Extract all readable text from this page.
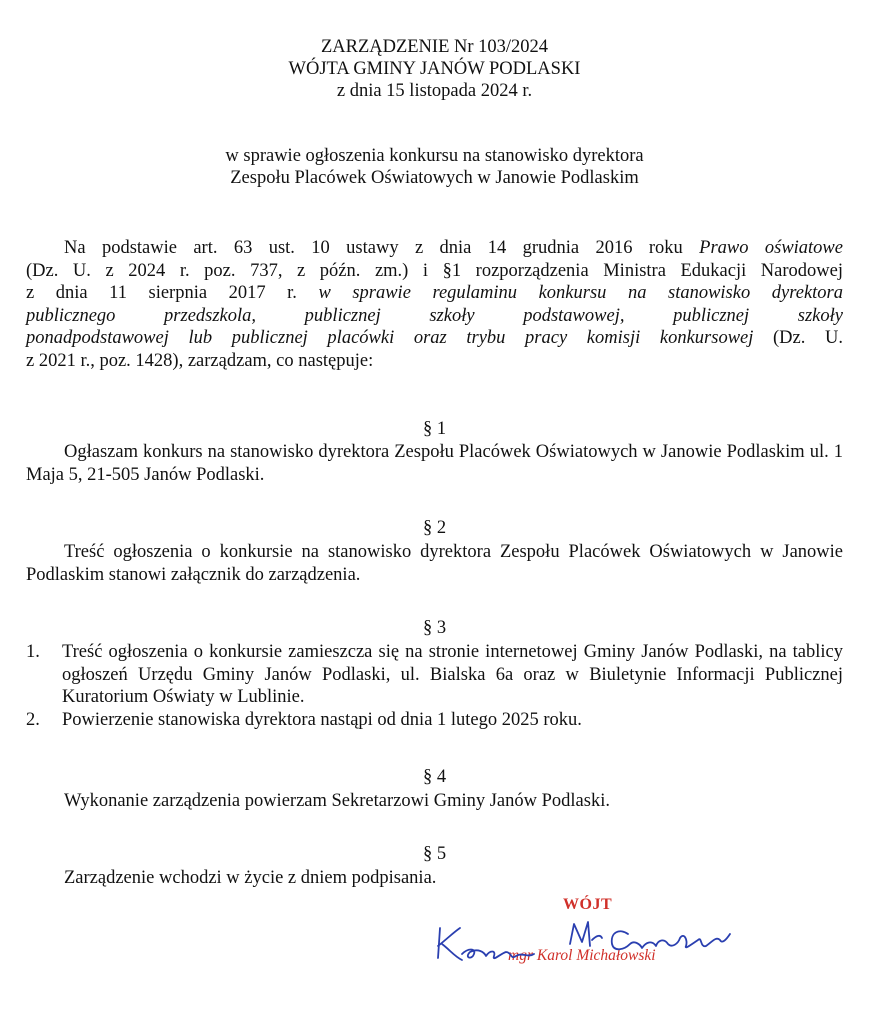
ZARZĄDZENIE Nr 103/2024
WÓJTA GMINY JANÓW PODLASKI
z dnia 15 listopada 2024 r.
w sprawie ogłoszenia konkursu na stanowisko dyrektora
Zespołu Placówek Oświatowych w Janowie Podlaskim
Na podstawie art. 63 ust. 10 ustawy z dnia 14 grudnia 2016 roku Prawo oświatowe
(Dz. U. z 2024 r. poz. 737, z późn. zm.) i §1 rozporządzenia Ministra Edukacji Narodowej
z dnia 11 sierpnia 2017 r. w sprawie regulaminu konkursu na stanowisko dyrektora
publicznego przedszkola, publicznej szkoły podstawowej, publicznej szkoły
ponadpodstawowej lub publicznej placówki oraz trybu pracy komisji konkursowej (Dz. U.
z 2021 r., poz. 1428), zarządzam, co następuje:
§ 1
Ogłaszam konkurs na stanowisko dyrektora Zespołu Placówek Oświatowych w Janowie Podlaskim ul. 1 Maja 5, 21-505 Janów Podlaski.
§ 2
Treść ogłoszenia o konkursie na stanowisko dyrektora Zespołu Placówek Oświatowych w Janowie Podlaskim stanowi załącznik do zarządzenia.
§ 3
1. Treść ogłoszenia o konkursie zamieszcza się na stronie internetowej Gminy Janów Podlaski, na tablicy ogłoszeń Urzędu Gminy Janów Podlaski, ul. Bialska 6a oraz w Biuletynie Informacji Publicznej Kuratorium Oświaty w Lublinie.
2. Powierzenie stanowiska dyrektora nastąpi od dnia 1 lutego 2025 roku.
§ 4
Wykonanie zarządzenia powierzam Sekretarzowi Gminy Janów Podlaski.
§ 5
Zarządzenie wchodzi w życie z dniem podpisania.
WÓJT
mgr Karol Michałowski
